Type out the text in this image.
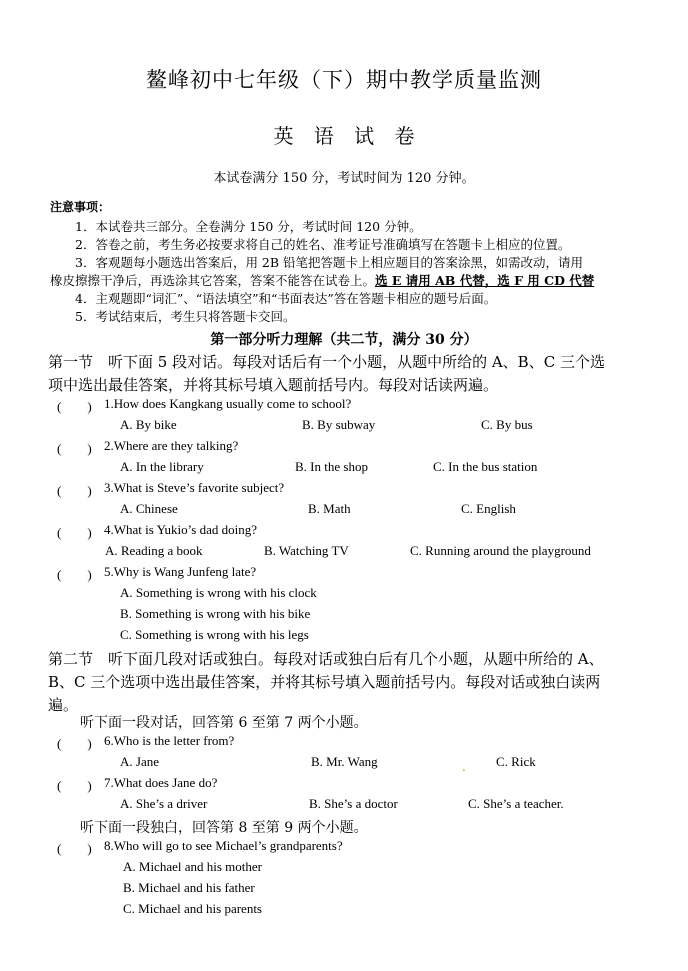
鳌峰初中七年级（下）期中教学质量监测
英 语 试 卷
本试卷满分 150 分，考试时间为 120 分钟。
注意事项：
1．本试卷共三部分。全卷满分 150 分，考试时间 120 分钟。
2．答卷之前，考生务必按要求将自己的姓名、准考证号准确填写在答题卡上相应的位置。
3．客观题每小题选出答案后，用 2B 铅笔把答题卡上相应题目的答案涂黑，如需改动，请用
橡皮擦擦干净后，再选涂其它答案，答案不能答在试卷上。选 E 请用 AB 代替，选 F 用 CD 代替
4．主观题即“词汇”、“语法填空”和“书面表达”答在答题卡相应的题号后面。
5．考试结束后，考生只将答题卡交回。
第一部分听力理解（共二节，满分 30 分）
第一节　听下面 5 段对话。每段对话后有一个小题，从题中所给的 A、B、C 三个选
项中选出最佳答案，并将其标号填入题前括号内。每段对话读两遍。
(　　) 1.How does Kangkang usually come to school?
A. By bike	B. By subway	C. By bus
(　　) 2.Where are they talking?
A. In the library	B. In the shop	C. In the bus station
(　　) 3.What is Steve’s favorite subject?
A. Chinese	B. Math	C. English
(　　) 4.What is Yukio’s dad doing?
A. Reading a book	B. Watching TV	C. Running around the playground
(　　) 5.Why is Wang Junfeng late?
A. Something is wrong with his clock
B. Something is wrong with his bike
C. Something is wrong with his legs
第二节　听下面几段对话或独白。每段对话或独白后有几个小题，从题中所给的 A、
B、C 三个选项中选出最佳答案，并将其标号填入题前括号内。每段对话或独白读两
遍。
听下面一段对话，回答第 6 至第 7 两个小题。
(　　) 6.Who is the letter from?
A. Jane	B. Mr. Wang	C. Rick
.
(　　) 7.What does Jane do?
A. She’s a driver	B. She’s a doctor	C. She’s a teacher.
听下面一段独白，回答第 8 至第 9 两个小题。
(　　) 8.Who will go to see Michael’s grandparents?
A. Michael and his mother
B. Michael and his father
C. Michael and his parents
